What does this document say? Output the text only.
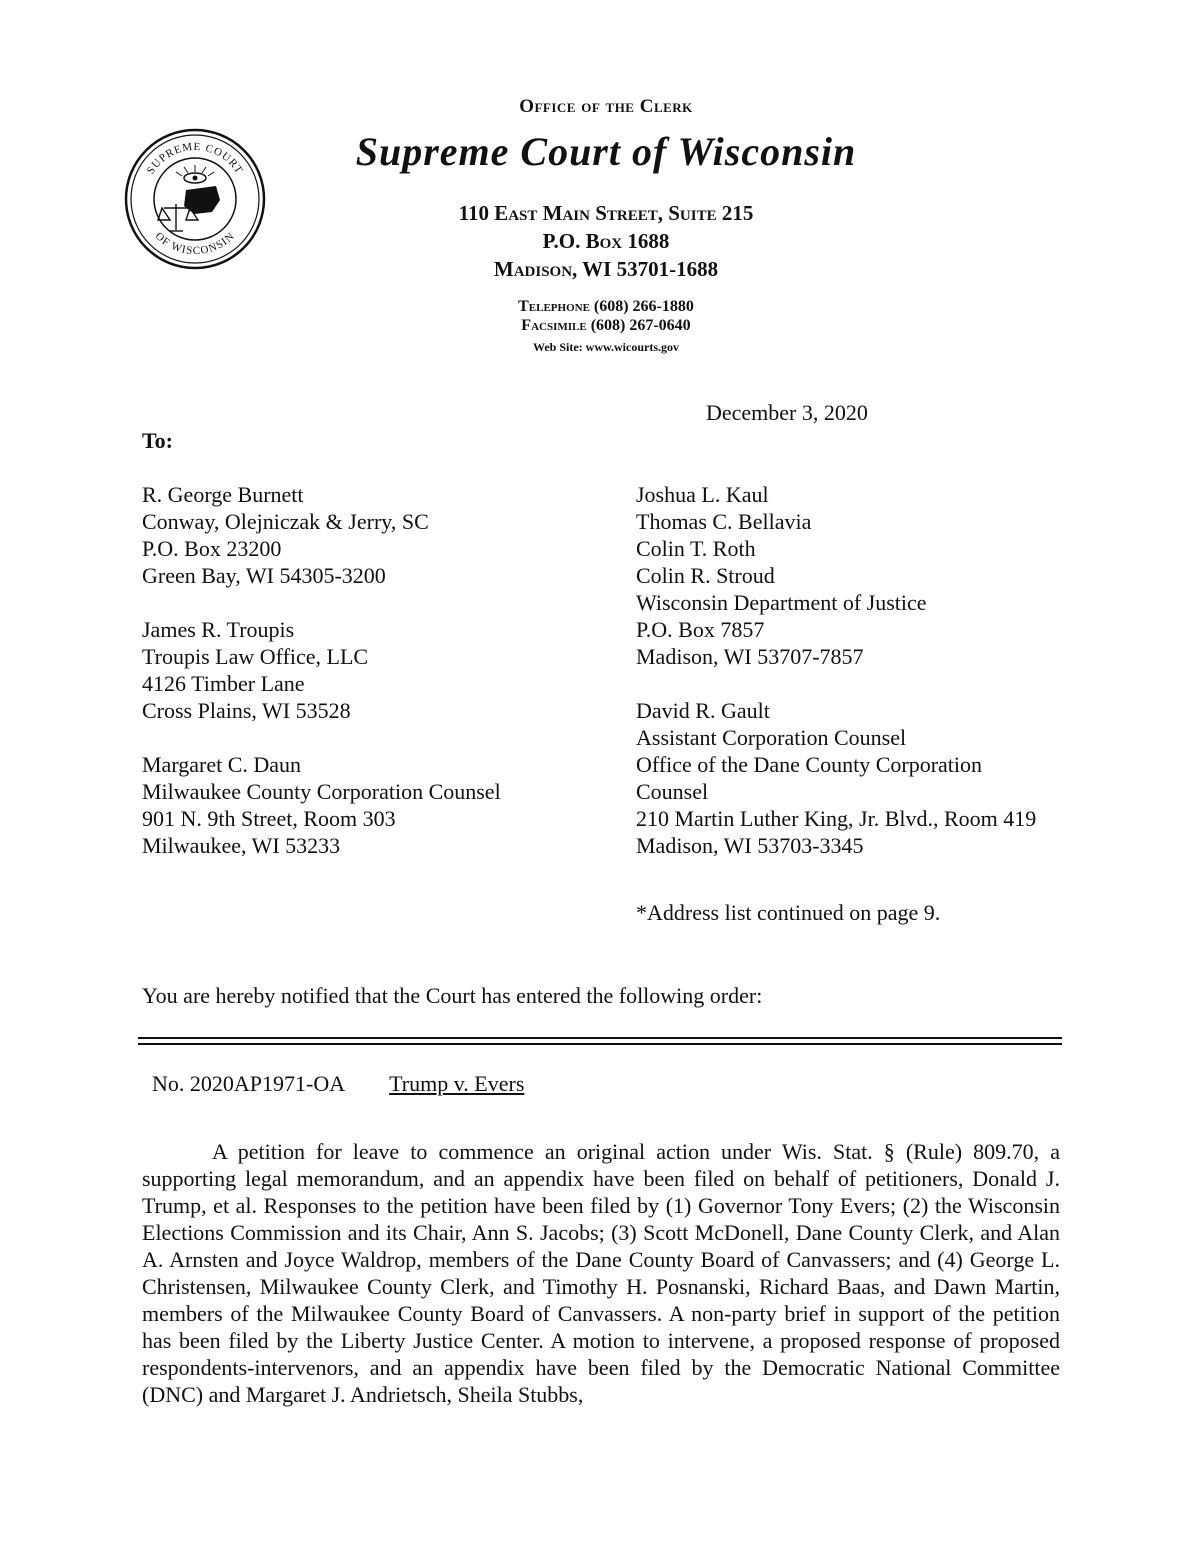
SUPREME COURT
OF WISCONSIN
Office of the Clerk
Supreme Court of Wisconsin
110 East Main Street, Suite 215
P.O. Box 1688
Madison, WI 53701-1688
Telephone (608) 266-1880
Facsimile (608) 267-0640
Web Site: www.wicourts.gov
December 3, 2020
To:
R. George Burnett
Conway, Olejniczak & Jerry, SC
P.O. Box 23200
Green Bay, WI 54305-3200
James R. Troupis
Troupis Law Office, LLC
4126 Timber Lane
Cross Plains, WI 53528
Margaret C. Daun
Milwaukee County Corporation Counsel
901 N. 9th Street, Room 303
Milwaukee, WI 53233
Joshua L. Kaul
Thomas C. Bellavia
Colin T. Roth
Colin R. Stroud
Wisconsin Department of Justice
P.O. Box 7857
Madison, WI 53707-7857
David R. Gault
Assistant Corporation Counsel
Office of the Dane County Corporation
Counsel
210 Martin Luther King, Jr. Blvd., Room 419
Madison, WI 53703-3345
*Address list continued on page 9.
You are hereby notified that the Court has entered the following order:
No. 2020AP1971-OA Trump v. Evers
A petition for leave to commence an original action under Wis. Stat. § (Rule) 809.70, a supporting legal memorandum, and an appendix have been filed on behalf of petitioners, Donald J. Trump, et al. Responses to the petition have been filed by (1) Governor Tony Evers; (2) the Wisconsin Elections Commission and its Chair, Ann S. Jacobs; (3) Scott McDonell, Dane County Clerk, and Alan A. Arnsten and Joyce Waldrop, members of the Dane County Board of Canvassers; and (4) George L. Christensen, Milwaukee County Clerk, and Timothy H. Posnanski, Richard Baas, and Dawn Martin, members of the Milwaukee County Board of Canvassers. A non-party brief in support of the petition has been filed by the Liberty Justice Center. A motion to intervene, a proposed response of proposed respondents-intervenors, and an appendix have been filed by the Democratic National Committee (DNC) and Margaret J. Andrietsch, Sheila Stubbs,
